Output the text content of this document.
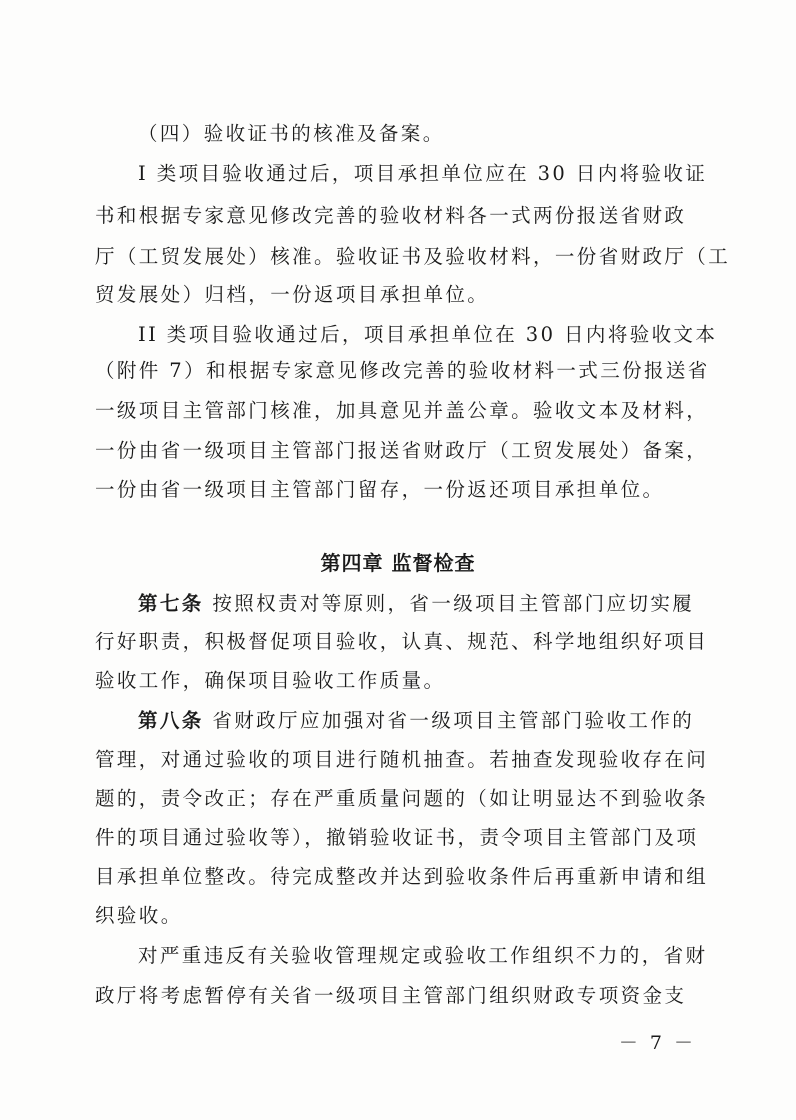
（四）验收证书的核准及备案。
I 类项目验收通过后，项目承担单位应在 30 日内将验收证
书和根据专家意见修改完善的验收材料各一式两份报送省财政
厅（工贸发展处）核准。验收证书及验收材料，一份省财政厅（工
贸发展处）归档，一份返项目承担单位。
II 类项目验收通过后，项目承担单位在 30 日内将验收文本
（附件 7）和根据专家意见修改完善的验收材料一式三份报送省
一级项目主管部门核准，加具意见并盖公章。验收文本及材料，
一份由省一级项目主管部门报送省财政厅（工贸发展处）备案，
一份由省一级项目主管部门留存，一份返还项目承担单位。
第四章 监督检查
第七条 按照权责对等原则，省一级项目主管部门应切实履
行好职责，积极督促项目验收，认真、规范、科学地组织好项目
验收工作，确保项目验收工作质量。
第八条 省财政厅应加强对省一级项目主管部门验收工作的
管理，对通过验收的项目进行随机抽查。若抽查发现验收存在问
题的，责令改正；存在严重质量问题的（如让明显达不到验收条
件的项目通过验收等），撤销验收证书，责令项目主管部门及项
目承担单位整改。待完成整改并达到验收条件后再重新申请和组
织验收。
对严重违反有关验收管理规定或验收工作组织不力的，省财
政厅将考虑暂停有关省一级项目主管部门组织财政专项资金支
－ 7 －
